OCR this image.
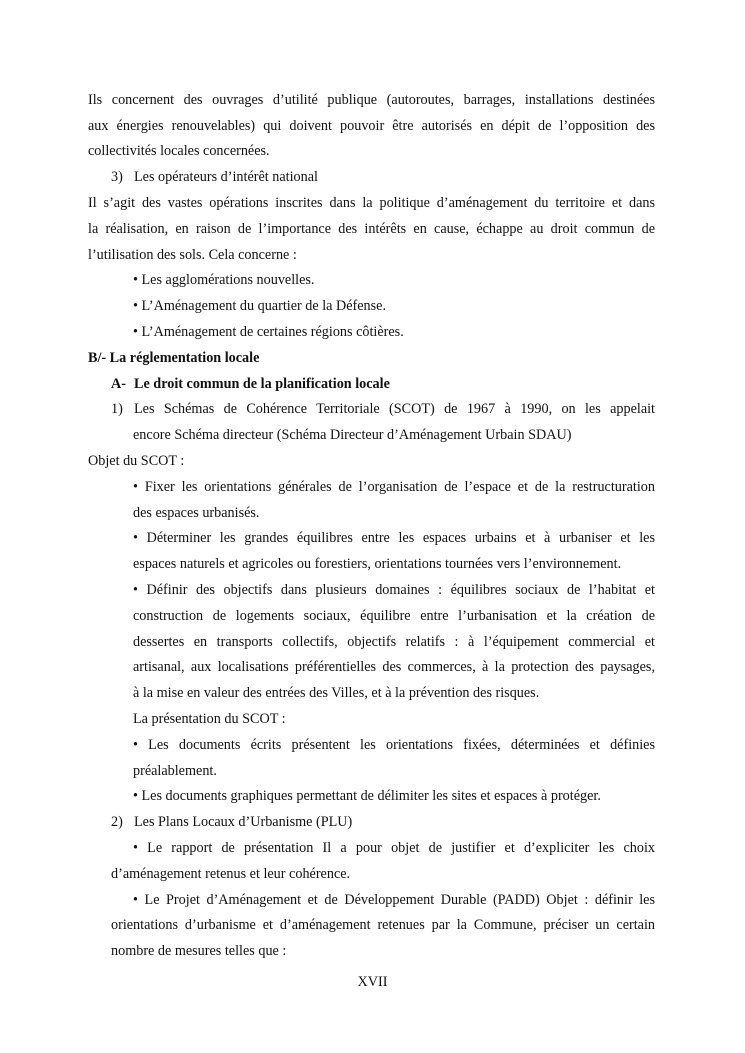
Ils concernent des ouvrages d’utilité publique (autoroutes, barrages, installations destinées
aux énergies renouvelables) qui doivent pouvoir être autorisés en dépit de l’opposition des
collectivités locales concernées.
3) Les opérateurs d’intérêt national
Il s’agit des vastes opérations inscrites dans la politique d’aménagement du territoire et dans
la réalisation, en raison de l’importance des intérêts en cause, échappe au droit commun de
l’utilisation des sols. Cela concerne :
• Les agglomérations nouvelles.
• L’Aménagement du quartier de la Défense.
• L’Aménagement de certaines régions côtières.
B/- La réglementation locale
A- Le droit commun de la planification locale
1) Les Schémas de Cohérence Territoriale (SCOT) de 1967 à 1990, on les appelait
encore Schéma directeur (Schéma Directeur d’Aménagement Urbain SDAU)
Objet du SCOT :
• Fixer les orientations générales de l’organisation de l’espace et de la restructuration
des espaces urbanisés.
• Déterminer les grandes équilibres entre les espaces urbains et à urbaniser et les
espaces naturels et agricoles ou forestiers, orientations tournées vers l’environnement.
• Définir des objectifs dans plusieurs domaines : équilibres sociaux de l’habitat et
construction de logements sociaux, équilibre entre l’urbanisation et la création de
dessertes en transports collectifs, objectifs relatifs : à l’équipement commercial et
artisanal, aux localisations préférentielles des commerces, à la protection des paysages,
à la mise en valeur des entrées des Villes, et à la prévention des risques.
La présentation du SCOT :
• Les documents écrits présentent les orientations fixées, déterminées et définies
préalablement.
• Les documents graphiques permettant de délimiter les sites et espaces à protéger.
2) Les Plans Locaux d’Urbanisme (PLU)
• Le rapport de présentation Il a pour objet de justifier et d’expliciter les choix
d’aménagement retenus et leur cohérence.
• Le Projet d’Aménagement et de Développement Durable (PADD) Objet : définir les
orientations d’urbanisme et d’aménagement retenues par la Commune, préciser un certain
nombre de mesures telles que :
XVII
